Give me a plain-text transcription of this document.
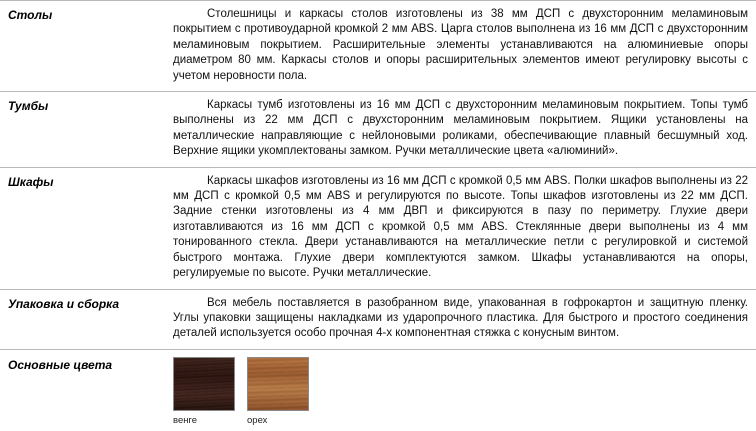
Столы	Столешницы и каркасы столов изготовлены из 38 мм ДСП с двухсторонним меламиновым покрытием с противоударной кромкой 2 мм ABS. Царга столов выполнена из 16 мм ДСП с двухсторонним меламиновым покрытием. Расширительные элементы устанавливаются на алюминиевые опоры диаметром 80 мм. Каркасы столов и опоры расширительных элементов имеют регулировку высоты с учетом неровности пола.
Тумбы	Каркасы тумб изготовлены из 16 мм ДСП с двухсторонним меламиновым покрытием. Топы тумб выполнены из 22 мм ДСП с двухсторонним меламиновым покрытием. Ящики установлены на металлические направляющие с нейлоновыми роликами, обеспечивающие плавный бесшумный ход. Верхние ящики укомплектованы замком. Ручки металлические цвета «алюминий».
Шкафы	Каркасы шкафов изготовлены из 16 мм ДСП с кромкой 0,5 мм ABS. Полки шкафов выполнены из 22 мм ДСП с кромкой 0,5 мм ABS и регулируются по высоте. Топы шкафов изготовлены из 22 мм ДСП. Задние стенки изготовлены из 4 мм ДВП и фиксируются в пазу по периметру. Глухие двери изготавливаются из 16 мм ДСП с кромкой 0,5 мм ABS. Стеклянные двери выполнены из 4 мм тонированного стекла. Двери устанавливаются на металлические петли с регулировкой и системой быстрого монтажа. Глухие двери комплектуются замком. Шкафы устанавливаются на опоры, регулируемые по высоте. Ручки металлические.
Упаковка и сборка	Вся мебель поставляется в разобранном виде, упакованная в гофрокартон и защитную пленку. Углы упаковки защищены накладками из ударопрочного пластика. Для быстрого и простого соединения деталей используется особо прочная 4-х компонентная стяжка с конусным винтом.
Основные цвета
венге	орех
